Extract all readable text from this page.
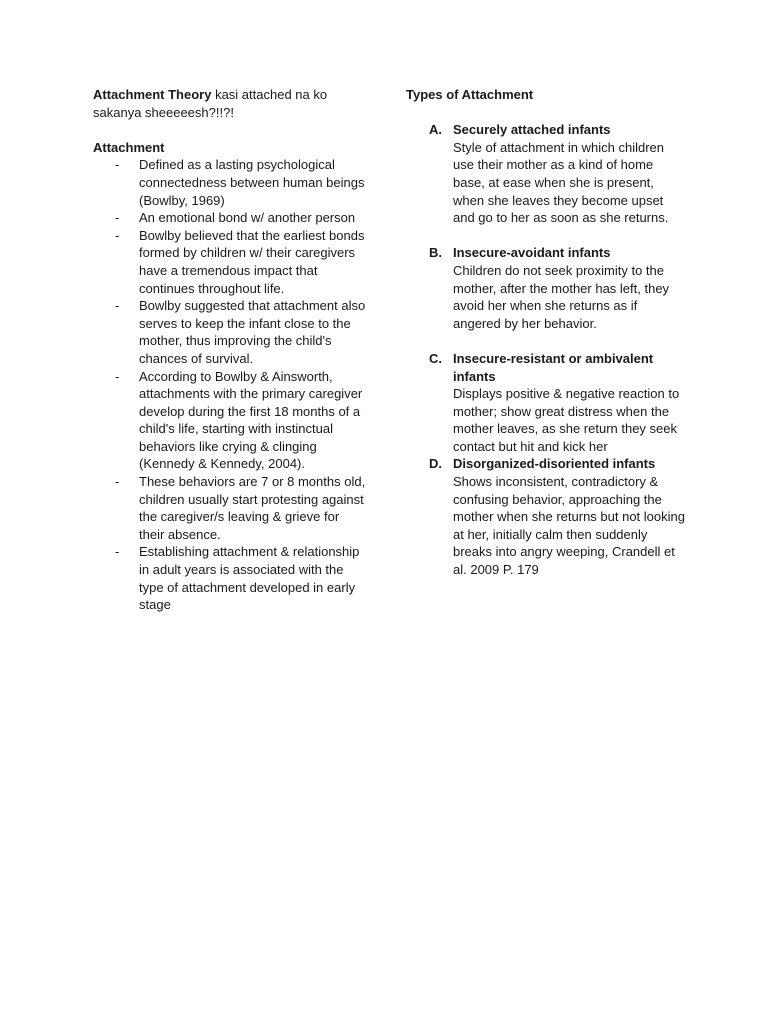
Attachment Theory kasi attached na ko sakanya sheeeeesh?!!?!

Attachment

- Defined as a lasting psychological connectedness between human beings (Bowlby, 1969)
- An emotional bond w/ another person
- Bowlby believed that the earliest bonds formed by children w/ their caregivers have a tremendous impact that continues throughout life.
- Bowlby suggested that attachment also serves to keep the infant close to the mother, thus improving the child's chances of survival.
- According to Bowlby & Ainsworth, attachments with the primary caregiver develop during the first 18 months of a child's life, starting with instinctual behaviors like crying & clinging (Kennedy & Kennedy, 2004).
- These behaviors are 7 or 8 months old, children usually start protesting against the caregiver/s leaving & grieve for their absence.
- Establishing attachment & relationship in adult years is associated with the type of attachment developed in early stage

Types of Attachment

A. Securely attached infants
Style of attachment in which children use their mother as a kind of home base, at ease when she is present, when she leaves they become upset and go to her as soon as she returns.
B. Insecure-avoidant infants
Children do not seek proximity to the mother, after the mother has left, they avoid her when she returns as if angered by her behavior.
C. Insecure-resistant or ambivalent infants
Displays positive & negative reaction to mother; show great distress when the mother leaves, as she return they seek contact but hit and kick her
D. Disorganized-disoriented infants
Shows inconsistent, contradictory & confusing behavior, approaching the mother when she returns but not looking at her, initially calm then suddenly breaks into angry weeping, Crandell et al. 2009 P. 179
